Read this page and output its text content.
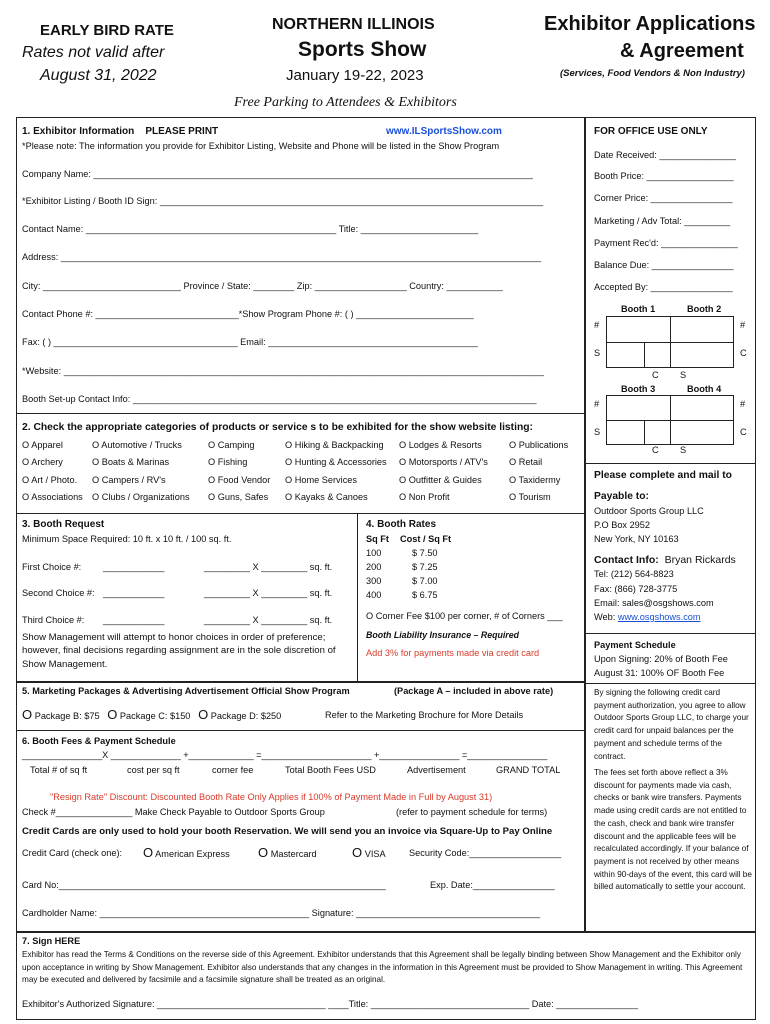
EARLY BIRD RATE
Rates not valid after
August 31, 2022
NORTHERN ILLINOIS
Sports Show
January 19-22, 2023
Exhibitor Applications
& Agreement
(Services, Food Vendors & Non Industry)
Free Parking to Attendees & Exhibitors
1. Exhibitor Information PLEASE PRINT	www.ILSportsShow.com
*Please note: The information you provide for Exhibitor Listing, Website and Phone will be listed in the Show Program
Company Name: ______________________________________________________________________________________
*Exhibitor Listing / Booth ID Sign: ___________________________________________________________________________
Contact Name: _________________________________________________ Title: _______________________
Address: ______________________________________________________________________________________________
City: ___________________________ Province / State: ________ Zip: __________________ Country: ___________
Contact Phone #: ____________________________*Show Program Phone #: ( ) _______________________
Fax: ( ) ____________________________________ Email: _________________________________________
*Website: ______________________________________________________________________________________________
Booth Set-up Contact Info: _______________________________________________________________________________
FOR OFFICE USE ONLY
Date Received: _______________
Booth Price: _________________
Corner Price: ________________
Marketing / Adv Total: _________
Payment Rec'd: _______________
Balance Due: ________________
Accepted By: ________________
Booth 1	Booth 2
#	#
S	C
C S
Booth 3	Booth 4
#	#
S	C
C S
2. Check the appropriate categories of products or service s to be exhibited for the show website listing:
O Apparel	O Automotive / Trucks	O Camping	O Hiking & Backpacking O Lodges & Resorts	O Publications
O Archery	O Boats & Marinas	O Fishing	O Hunting & Accessories O Motorsports / ATV's O Retail
O Art / Photo. O Campers / RV's	O Food Vendor O Home Services	O Outfitter & Guides	O Taxidermy
O Associations O Clubs / Organizations O Guns, Safes O Kayaks & Canoes	O Non Profit	O Tourism
Please complete and mail to
Payable to:
Outdoor Sports Group LLC
P.O Box 2952
New York, NY 10163
Contact Info: Bryan Rickards
Tel: (212) 564-8823
Fax: (866) 728-3775
Email: sales@osgshows.com
Web: www.osgshows.com
3. Booth Request
Minimum Space Required: 10 ft. x 10 ft. / 100 sq. ft.
First Choice #: ____________	_________ X _________ sq. ft.
Second Choice #: ____________	_________ X _________ sq. ft.
Third Choice #: ____________	_________ X _________ sq. ft.
Show Management will attempt to honor choices in order of preference; however, final decisions regarding assignment are in the sole discretion of Show Management.
4. Booth Rates
Sq Ft Cost / Sq Ft
100	$ 7.50
200	$ 7.25
300	$ 7.00
400	$ 6.75
O Corner Fee $100 per corner, # of Corners ___
Booth Liability Insurance – Required
Add 3% for payments made via credit card
Payment Schedule
Upon Signing: 20% of Booth Fee
August 31: 100% OF Booth Fee
By signing the following credit card payment authorization, you agree to allow Outdoor Sports Group LLC, to charge your credit card for unpaid balances per the payment and schedule terms of the contract.
The fees set forth above reflect a 3% discount for payments made via cash, checks or bank wire transfers. Payments made using credit cards are not entitled to the cash, check and bank wire transfer discount and the applicable fees will be recalculated accordingly. If your balance of payment is not received by other means within 90-days of the event, this card will be billed automatically to settle your account.
5. Marketing Packages & Advertising Advertisement Official Show Program	(Package A – included in above rate)
O Package B: $75 O Package C: $150 O Package D: $250	Refer to the Marketing Brochure for More Details
6. Booth Fees & Payment Schedule
________________X ______________ +_____________ =______________________ +________________ =________________
Total # of sq ft	cost per sq ft	corner fee	Total Booth Fees USD	Advertisement	GRAND TOTAL
"Resign Rate" Discount: Discounted Booth Rate Only Applies if 100% of Payment Made in Full by August 31)
Check #_______________ Make Check Payable to Outdoor Sports Group	(refer to payment schedule for terms)
Credit Cards are only used to hold your booth Reservation. We will send you an invoice via Square-Up to Pay Online
Credit Card (check one): O American Express O Mastercard	O VISA	Security Code:__________________
Card No:________________________________________________________________	Exp. Date:________________
Cardholder Name: _________________________________________ Signature: ____________________________________
7. Sign HERE
Exhibitor has read the Terms & Conditions on the reverse side of this Agreement. Exhibitor understands that this Agreement shall be legally binding between Show Management and the Exhibitor only upon acceptance in writing by Show Management. Exhibitor also understands that any changes in the information in this Agreement must be provided to Show Management in writing. This Agreement may be executed and delivered by facsimile and a facsimile signature shall be treated as an original.
Exhibitor's Authorized Signature: _________________________________ ____Title: _______________________________ Date: ________________
